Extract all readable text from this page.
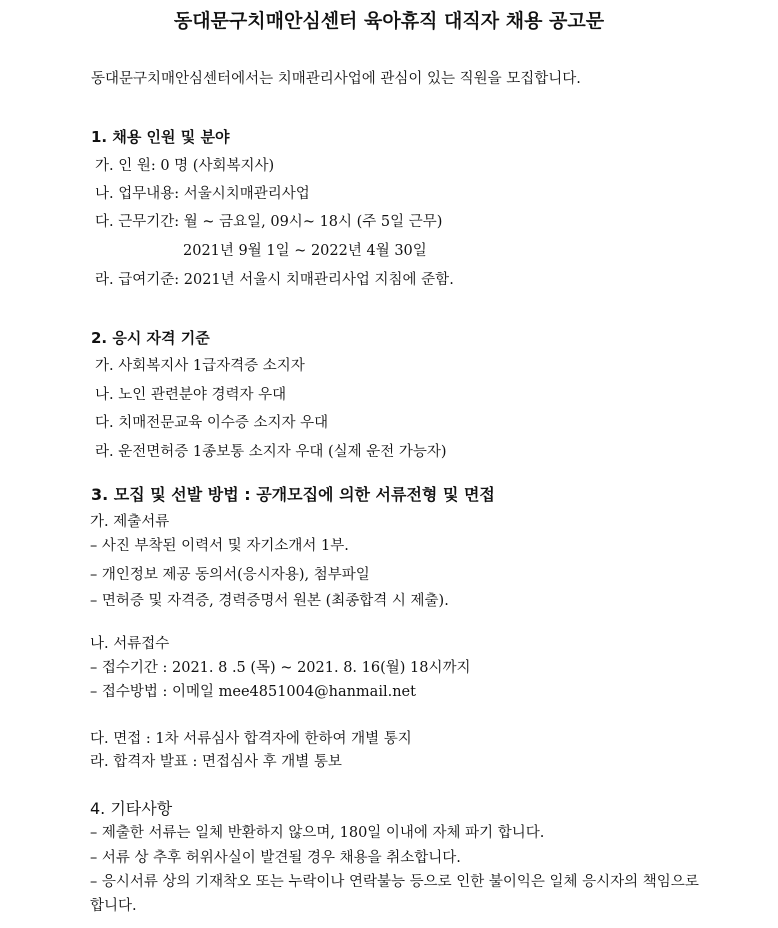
동대문구치매안심센터 육아휴직 대직자 채용 공고문
동대문구치매안심센터에서는 치매관리사업에 관심이 있는 직원을 모집합니다.
1. 채용 인원 및 분야
가. 인 원: 0 명 (사회복지사)
나. 업무내용: 서울시치매관리사업
다. 근무기간: 월 ~ 금요일, 09시~ 18시 (주 5일 근무)
2021년 9월 1일 ~ 2022년 4월 30일
라. 급여기준: 2021년 서울시 치매관리사업 지침에 준함.
2. 응시 자격 기준
가. 사회복지사 1급자격증 소지자
나. 노인 관련분야 경력자 우대
다. 치매전문교육 이수증 소지자 우대
라. 운전면허증 1종보통 소지자 우대 (실제 운전 가능자)
3. 모집 및 선발 방법 : 공개모집에 의한 서류전형 및 면접
가. 제출서류
– 사진 부착된 이력서 및 자기소개서 1부.
– 개인정보 제공 동의서(응시자용), 첨부파일
– 면허증 및 자격증, 경력증명서 원본 (최종합격 시 제출).
나. 서류접수
– 접수기간 : 2021. 8 .5 (목) ~ 2021. 8. 16(월) 18시까지
– 접수방법 : 이메일 mee4851004@hanmail.net
다. 면접 : 1차 서류심사 합격자에 한하여 개별 통지
라. 합격자 발표 : 면접심사 후 개별 통보
4. 기타사항
– 제출한 서류는 일체 반환하지 않으며, 180일 이내에 자체 파기 합니다.
– 서류 상 추후 허위사실이 발견될 경우 채용을 취소합니다.
– 응시서류 상의 기재착오 또는 누락이나 연락불능 등으로 인한 불이익은 일체 응시자의 책임으로
합니다.
